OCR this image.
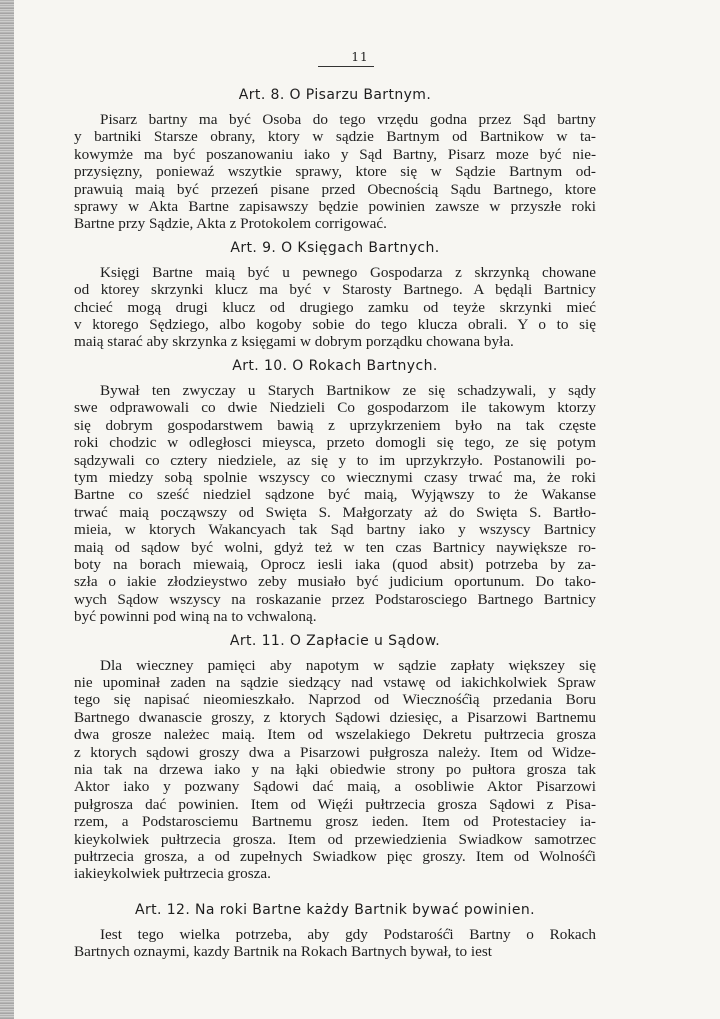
11
Art. 8. O Pisarzu Bartnym.

Pisarz bartny ma być Osoba do tego vrzędu godna przez Sąd bartny
y bartniki Starsze obrany, ktory w sądzie Bartnym od Bartnikow w ta-
kowymże ma być poszanowaniu iako y Sąd Bartny, Pisarz moze być nie-
przysięzny, poniewaź wszytkie sprawy, ktore się w Sądzie Bartnym od-
prawuią maią być przezeń pisane przed Obecnością Sądu Bartnego, ktore
sprawy w Akta Bartne zapisawszy będzie powinien zawsze w przyszłe roki
Bartne przy Sądzie, Akta z Protokolem corrigować.

Art. 9. O Księgach Bartnych.

Księgi Bartne maią być u pewnego Gospodarza z skrzynką chowane
od ktorey skrzynki klucz ma być v Starosty Bartnego. A będąli Bartnicy
chcieć mogą drugi klucz od drugiego zamku od teyże skrzynki mieć
v ktorego Sędziego, albo kogoby sobie do tego klucza obrali. Y o to się
maią starać aby skrzynka z księgami w dobrym porządku chowana była.

Art. 10. O Rokach Bartnych.

Bywał ten zwyczay u Starych Bartnikow ze się schadzywali, y sądy
swe odprawowali co dwie Niedzieli Co gospodarzom ile takowym ktorzy
się dobrym gospodarstwem bawią z uprzykrzeniem było na tak częste
roki chodzic w odległosci mieysca, przeto domogli się tego, ze się potym
sądzywali co cztery niedziele, az się y to im uprzykrzyło. Postanowili po-
tym miedzy sobą spolnie wszyscy co wiecznymi czasy trwać ma, że roki
Bartne co sześć niedziel sądzone być maią, Wyjąwszy to że Wakanse
trwać maią począwszy od Swięta S. Małgorzaty aż do Swięta S. Bartło-
mieia, w ktorych Wakancyach tak Sąd bartny iako y wszyscy Bartnicy
maią od sądow być wolni, gdyż też w ten czas Bartnicy naywiększe ro-
boty na borach miewaią, Oprocz iesli iaka (quod absit) potrzeba by za-
szła o iakie złodzieystwo zeby musiało być judicium oportunum. Do tako-
wych Sądow wszyscy na roskazanie przez Podstarosciego Bartnego Bartnicy
być powinni pod winą na to vchwaloną.

Art. 11. O Zapłacie u Sądow.

Dla wieczney pamięci aby napotym w sądzie zapłaty większey się
nie upominał zaden na sądzie siedzący nad vstawę od iakichkolwiek Spraw
tego się napisać nieomieszkało. Naprzod od Wieczność̇ią przedania Boru
Bartnego dwanascie groszy, z ktorych Sądowi dziesięc, a Pisarzowi Bartnemu
dwa grosze należec maią. Item od wszelakiego Dekretu pułtrzecia grosza
z ktorych sądowi groszy dwa a Pisarzowi pułgrosza należy. Item od Widze-
nia tak na drzewa iako y na łąki obiedwie strony po pułtora grosza tak
Aktor iako y pozwany Sądowi dać maią, a osobliwie Aktor Pisarzowi
pułgrosza dać powinien. Item od Więźi pułtrzecia grosza Sądowi z Pisa-
rzem, a Podstarosciemu Bartnemu grosz ieden. Item od Protestaciey ia-
kieykolwiek pułtrzecia grosza. Item od przewiedzienia Swiadkow samotrzec
pułtrzecia grosza, a od zupełnych Swiadkow pięc groszy. Item od Wolność̇i
iakieykolwiek pułtrzecia grosza.

Art. 12. Na roki Bartne każdy Bartnik bywać powinien.

Iest tego wielka potrzeba, aby gdy Podstarość̇i Bartny o Rokach
Bartnych oznaymi, kazdy Bartnik na Rokach Bartnych bywał, to iest
